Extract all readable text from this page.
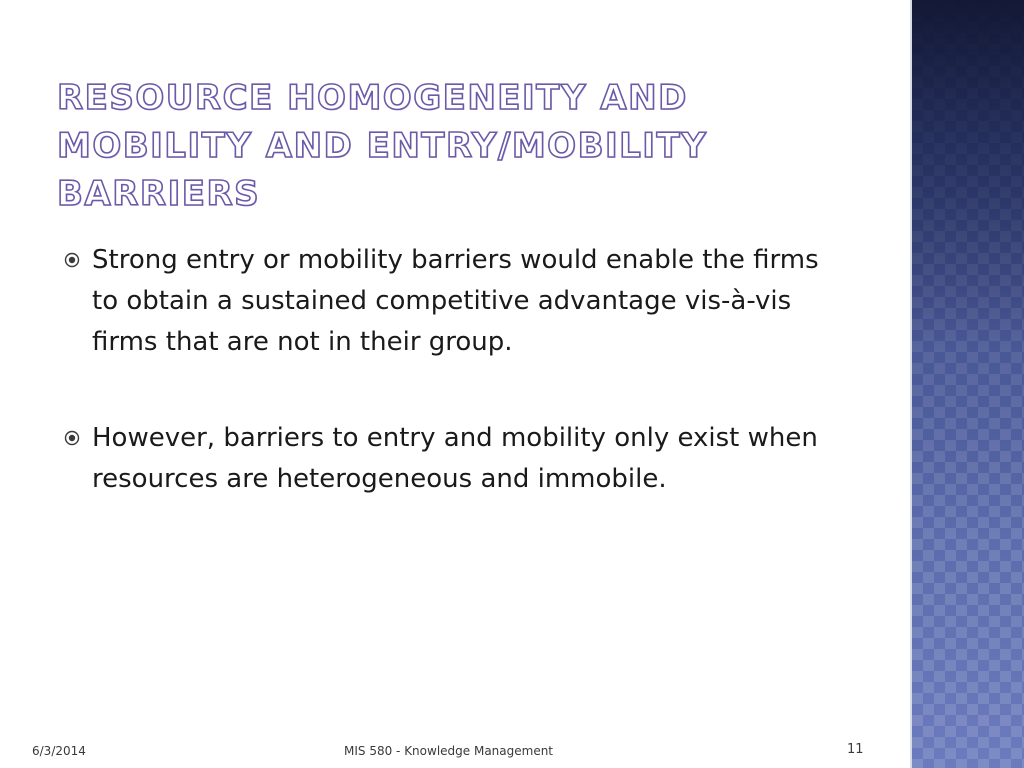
RESOURCE HOMOGENEITY AND MOBILITY AND ENTRY/MOBILITY BARRIERS
Strong entry or mobility barriers would enable the firms to obtain a sustained competitive advantage vis-à-vis firms that are not in their group.
However, barriers to entry and mobility only exist when resources are heterogeneous and immobile.
6/3/2014	MIS 580 - Knowledge Management	11
